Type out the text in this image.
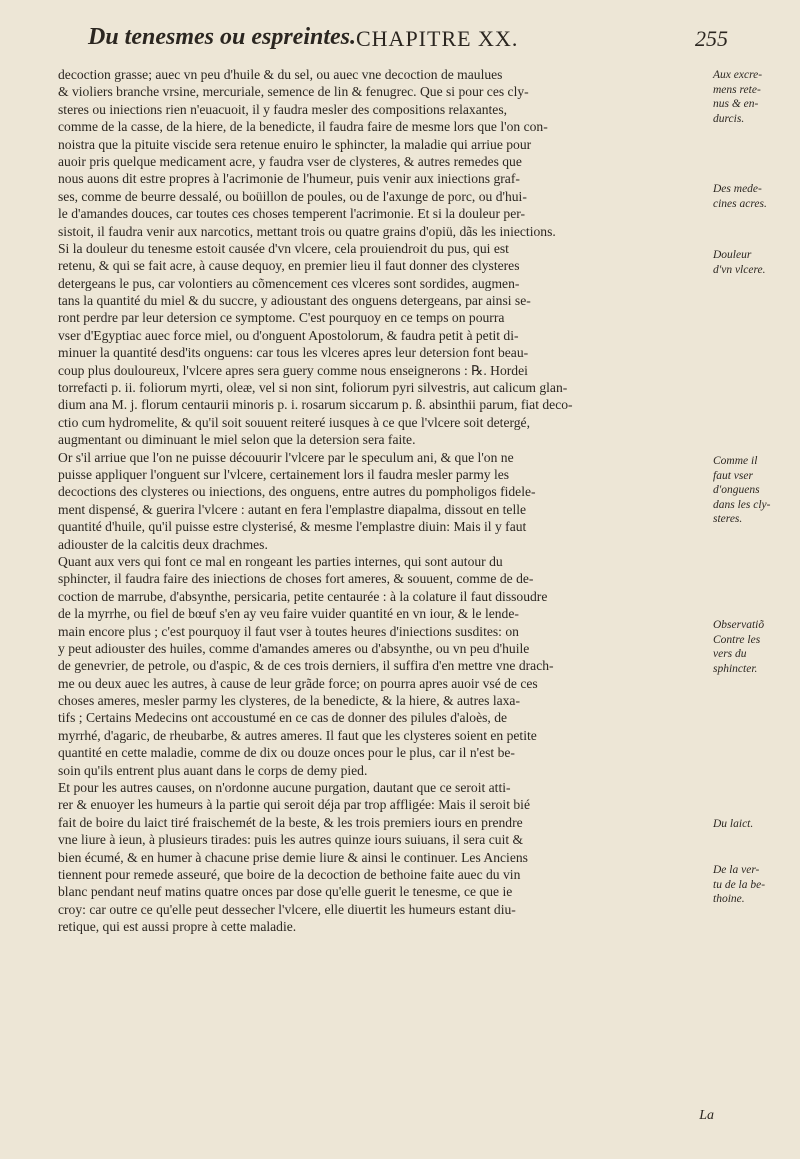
Du tenesmes ou espreintes. CHAPITRE XX.	255
decoction grasse; auec vn peu d'huile & du sel, ou auec vne decoction de maulues
& violiers branche vrsine, mercuriale, semence de lin & fenugrec. Que si pour ces cly-
steres ou iniections rien n'euacuoit, il y faudra mesler des compositions relaxantes,
comme de la casse, de la hiere, de la benedicte, il faudra faire de mesme lors que l'on con-
noistra que la pituite viscide sera retenue enuiro le sphincter, la maladie qui arriue pour
auoir pris quelque medicament acre, y faudra vser de clysteres, & autres remedes que
nous auons dit estre propres à l'acrimonie de l'humeur, puis venir aux iniections graf-
ses, comme de beurre dessalé, ou boüillon de poules, ou de l'axunge de porc, ou d'hui-
le d'amandes douces, car toutes ces choses temperent l'acrimonie. Et si la douleur per-
sistoit, il faudra venir aux narcotics, mettant trois ou quatre grains d'opiü, dãs les iniections.
Si la douleur du tenesme estoit causée d'vn vlcere, cela prouiendroit du pus, qui est
retenu, & qui se fait acre, à cause dequoy, en premier lieu il faut donner des clysteres
detergeans le pus, car volontiers au cõmencement ces vlceres sont sordides, augmen-
tans la quantité du miel & du succre, y adioustant des onguens detergeans, par ainsi se-
ront perdre par leur detersion ce symptome. C'est pourquoy en ce temps on pourra
vser d'Egyptiac auec force miel, ou d'onguent Apostolorum, & faudra petit à petit di-
minuer la quantité desd'its onguens: car tous les vlceres apres leur detersion font beau-
coup plus douloureux, l'vlcere apres sera guery comme nous enseignerons : ℞. Hordei
torrefacti p. ii. foliorum myrti, oleæ, vel si non sint, foliorum pyri silvestris, aut calicum glan-
dium ana M. j. florum centaurii minoris p. i. rosarum siccarum p. ß. absinthii parum, fiat deco-
ctio cum hydromelite, & qu'il soit souuent reiteré iusques à ce que l'vlcere soit detergé,
augmentant ou diminuant le miel selon que la detersion sera faite.
Or s'il arriue que l'on ne puisse découurir l'vlcere par le speculum ani, & que l'on ne
puisse appliquer l'onguent sur l'vlcere, certainement lors il faudra mesler parmy les
decoctions des clysteres ou iniections, des onguens, entre autres du pompholigos fidele-
ment dispensé, & guerira l'vlcere : autant en fera l'emplastre diapalma, dissout en telle
quantité d'huile, qu'il puisse estre clysterisé, & mesme l'emplastre diuin: Mais il y faut
adiouster de la calcitis deux drachmes.
Quant aux vers qui font ce mal en rongeant les parties internes, qui sont autour du
sphincter, il faudra faire des iniections de choses fort ameres, & souuent, comme de de-
coction de marrube, d'absynthe, persicaria, petite centaurée : à la colature il faut dissoudre
de la myrrhe, ou fiel de bœuf s'en ay veu faire vuider quantité en vn iour, & le lende-
main encore plus ; c'est pourquoy il faut vser à toutes heures d'iniections susdites: on
y peut adiouster des huiles, comme d'amandes ameres ou d'absynthe, ou vn peu d'huile
de genevrier, de petrole, ou d'aspic, & de ces trois derniers, il suffira d'en mettre vne drach-
me ou deux auec les autres, à cause de leur grãde force; on pourra apres auoir vsé de ces
choses ameres, mesler parmy les clysteres, de la benedicte, & la hiere, & autres laxa-
tifs ; Certains Medecins ont accoustumé en ce cas de donner des pilules d'aloès, de
myrrhé, d'agaric, de rheubarbe, & autres ameres. Il faut que les clysteres soient en petite
quantité en cette maladie, comme de dix ou douze onces pour le plus, car il n'est be-
soin qu'ils entrent plus auant dans le corps de demy pied.
Et pour les autres causes, on n'ordonne aucune purgation, dautant que ce seroit atti-
rer & enuoyer les humeurs à la partie qui seroit déja par trop affligée: Mais il seroit bié
fait de boire du laict tiré fraischemét de la beste, & les trois premiers iours en prendre
vne liure à ieun, à plusieurs tirades: puis les autres quinze iours suiuans, il sera cuit &
bien écumé, & en humer à chacune prise demie liure & ainsi le continuer. Les Anciens
tiennent pour remede asseuré, que boire de la decoction de bethoine faite auec du vin
blanc pendant neuf matins quatre onces par dose qu'elle guerit le tenesme, ce que ie
croy: car outre ce qu'elle peut dessecher l'vlcere, elle diuertit les humeurs estant diu-
retique, qui est aussi propre à cette maladie.
Aux excre-
mens rete-
nus & en-
durcis.
Des mede-
cines acres.
Douleur
d'vn vlcere.
Comme il
faut vser
d'onguens
dans les cly-
steres.
Observatiõ
Contre les
vers du
sphincter.
Du laict.
De la ver-
tu de la be-
thoine.
La
